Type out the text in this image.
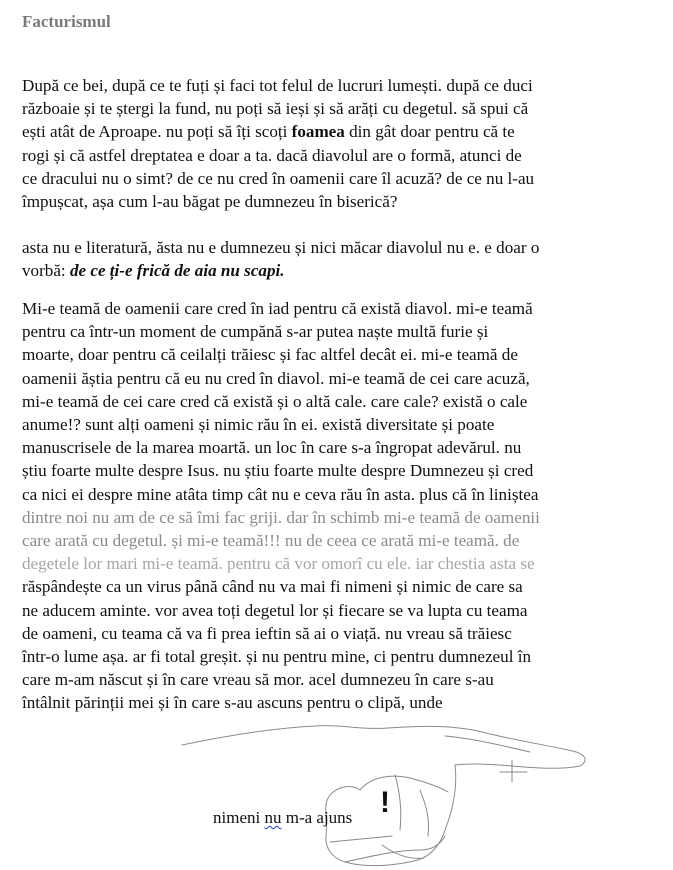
Facturismul
După ce bei, după ce te fuți și faci tot felul de lucruri lumești. după ce duci
războaie și te ștergi la fund, nu poți să ieși și să arăți cu degetul. să spui că
ești atât de Aproape. nu poți să îți scoți foamea din gât doar pentru că te
rogi și că astfel dreptatea e doar a ta. dacă diavolul are o formă, atunci de
ce dracului nu o simt? de ce nu cred în oamenii care îl acuză? de ce nu l-au
împușcat, așa cum l-au băgat pe dumnezeu în biserică?
asta nu e literatură, ăsta nu e dumnezeu și nici măcar diavolul nu e. e doar o
vorbă: de ce ți-e frică de aia nu scapi.
Mi-e teamă de oamenii care cred în iad pentru că există diavol. mi-e teamă
pentru ca într-un moment de cumpănă s-ar putea naște multă furie și
moarte, doar pentru că ceilalți trăiesc și fac altfel decât ei. mi-e teamă de
oamenii ăștia pentru că eu nu cred în diavol. mi-e teamă de cei care acuză,
mi-e teamă de cei care cred că există și o altă cale. care cale? există o cale
anume!? sunt alți oameni și nimic rău în ei. există diversitate și poate
manuscrisele de la marea moartă. un loc în care s-a îngropat adevărul. nu
știu foarte multe despre Isus. nu știu foarte multe despre Dumnezeu și cred
ca nici ei despre mine atâta timp cât nu e ceva rău în asta. plus că în liniștea
dintre noi nu am de ce să îmi fac griji. dar în schimb mi-e teamă de oamenii
care arată cu degetul. și mi-e teamă!!! nu de ceea ce arată mi-e teamă. de
degetele lor mari mi-e teamă. pentru că vor omorî cu ele. iar chestia asta se
răspândește ca un virus până când nu va mai fi nimeni și nimic de care sa
ne aducem aminte. vor avea toți degetul lor și fiecare se va lupta cu teama
de oameni, cu teama că va fi prea ieftin să ai o viață. nu vreau să trăiesc
într-o lume așa. ar fi total greșit. și nu pentru mine, ci pentru dumnezeul în
care m-am născut și în care vreau să mor. acel dumnezeu în care s-au
întâlnit părinții mei și în care s-au ascuns pentru o clipă, unde
nimeni nu m-a ajuns !
